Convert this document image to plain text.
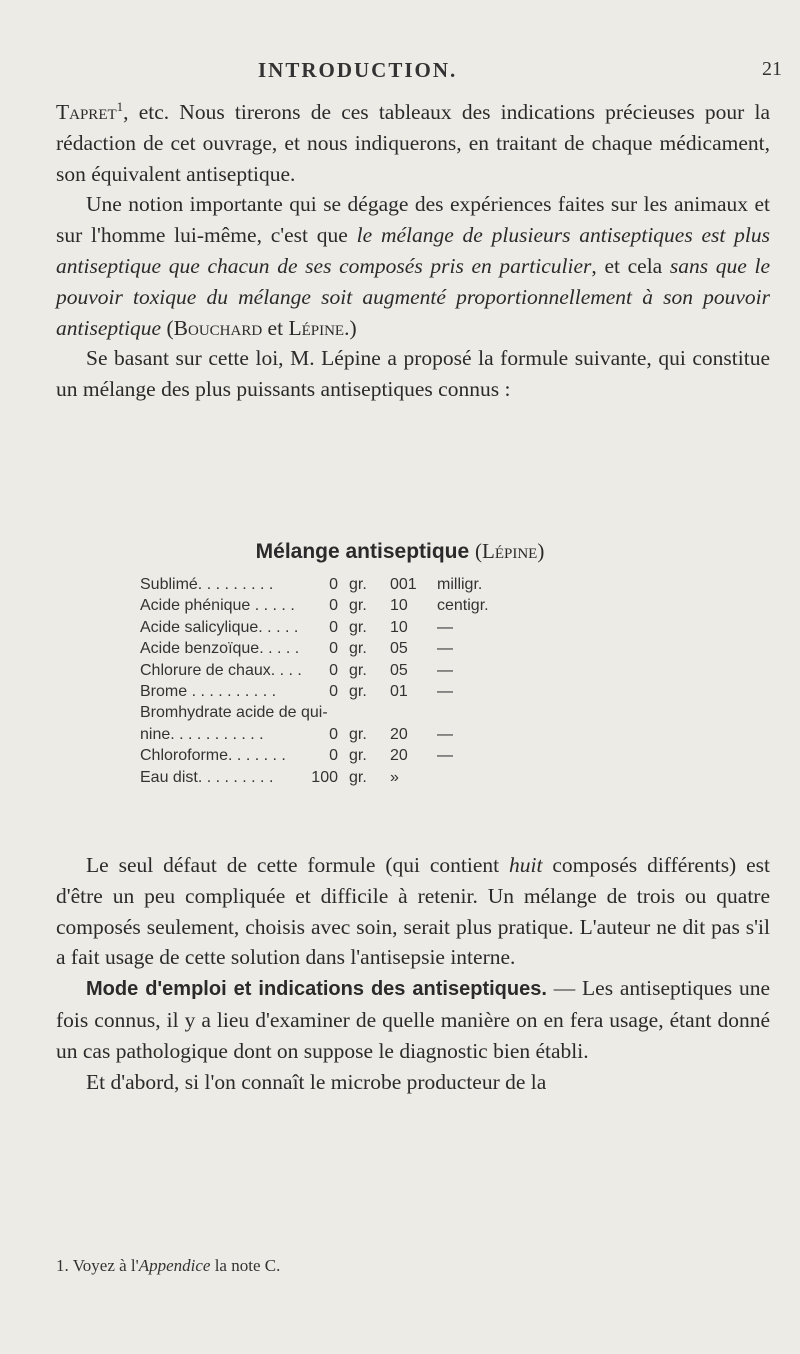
INTRODUCTION.	21

Tapret$^1$, etc. Nous tirerons de ces tableaux des indications précieuses pour la rédaction de cet ouvrage, et nous indiquerons, en traitant de chaque médicament, son équivalent antiseptique.

Une notion importante qui se dégage des expériences faites sur les animaux et sur l'homme lui-même, c'est que le mélange de plusieurs antiseptiques est plus antiseptique que chacun de ses composés pris en particulier, et cela sans que le pouvoir toxique du mélange soit augmenté proportionnellement à son pouvoir antiseptique (Bouchard et Lépine.)

Se basant sur cette loi, M. Lépine a proposé la formule suivante, qui constitue un mélange des plus puissants antiseptiques connus :

Mélange antiseptique (Lépine)
Sublimé. . . . . . . . .	0 gr. 001 milligr.
Acide phénique . . . . .	0 gr. 10 centigr.
Acide salicylique. . . . .	0 gr. 10 —
Acide benzoïque. . . . .	0 gr. 05 —
Chlorure de chaux. . . .	0 gr. 05 —
Brome . . . . . . . . . .	0 gr. 01 —
Bromhydrate acide de qui-
nine. . . . . . . . . . .	0 gr. 20 —
Chloroforme. . . . . . .	0 gr. 20 —
Eau dist. . . . . . . . . 100 gr. »

Le seul défaut de cette formule (qui contient huit composés différents) est d'être un peu compliquée et difficile à retenir. Un mélange de trois ou quatre composés seulement, choisis avec soin, serait plus pratique. L'auteur ne dit pas s'il a fait usage de cette solution dans l'antisepsie interne.

Mode d'emploi et indications des antiseptiques. — Les antiseptiques une fois connus, il y a lieu d'examiner de quelle manière on en fera usage, étant donné un cas pathologique dont on suppose le diagnostic bien établi.

Et d'abord, si l'on connaît le microbe producteur de la

1. Voyez à l'Appendice la note C.
